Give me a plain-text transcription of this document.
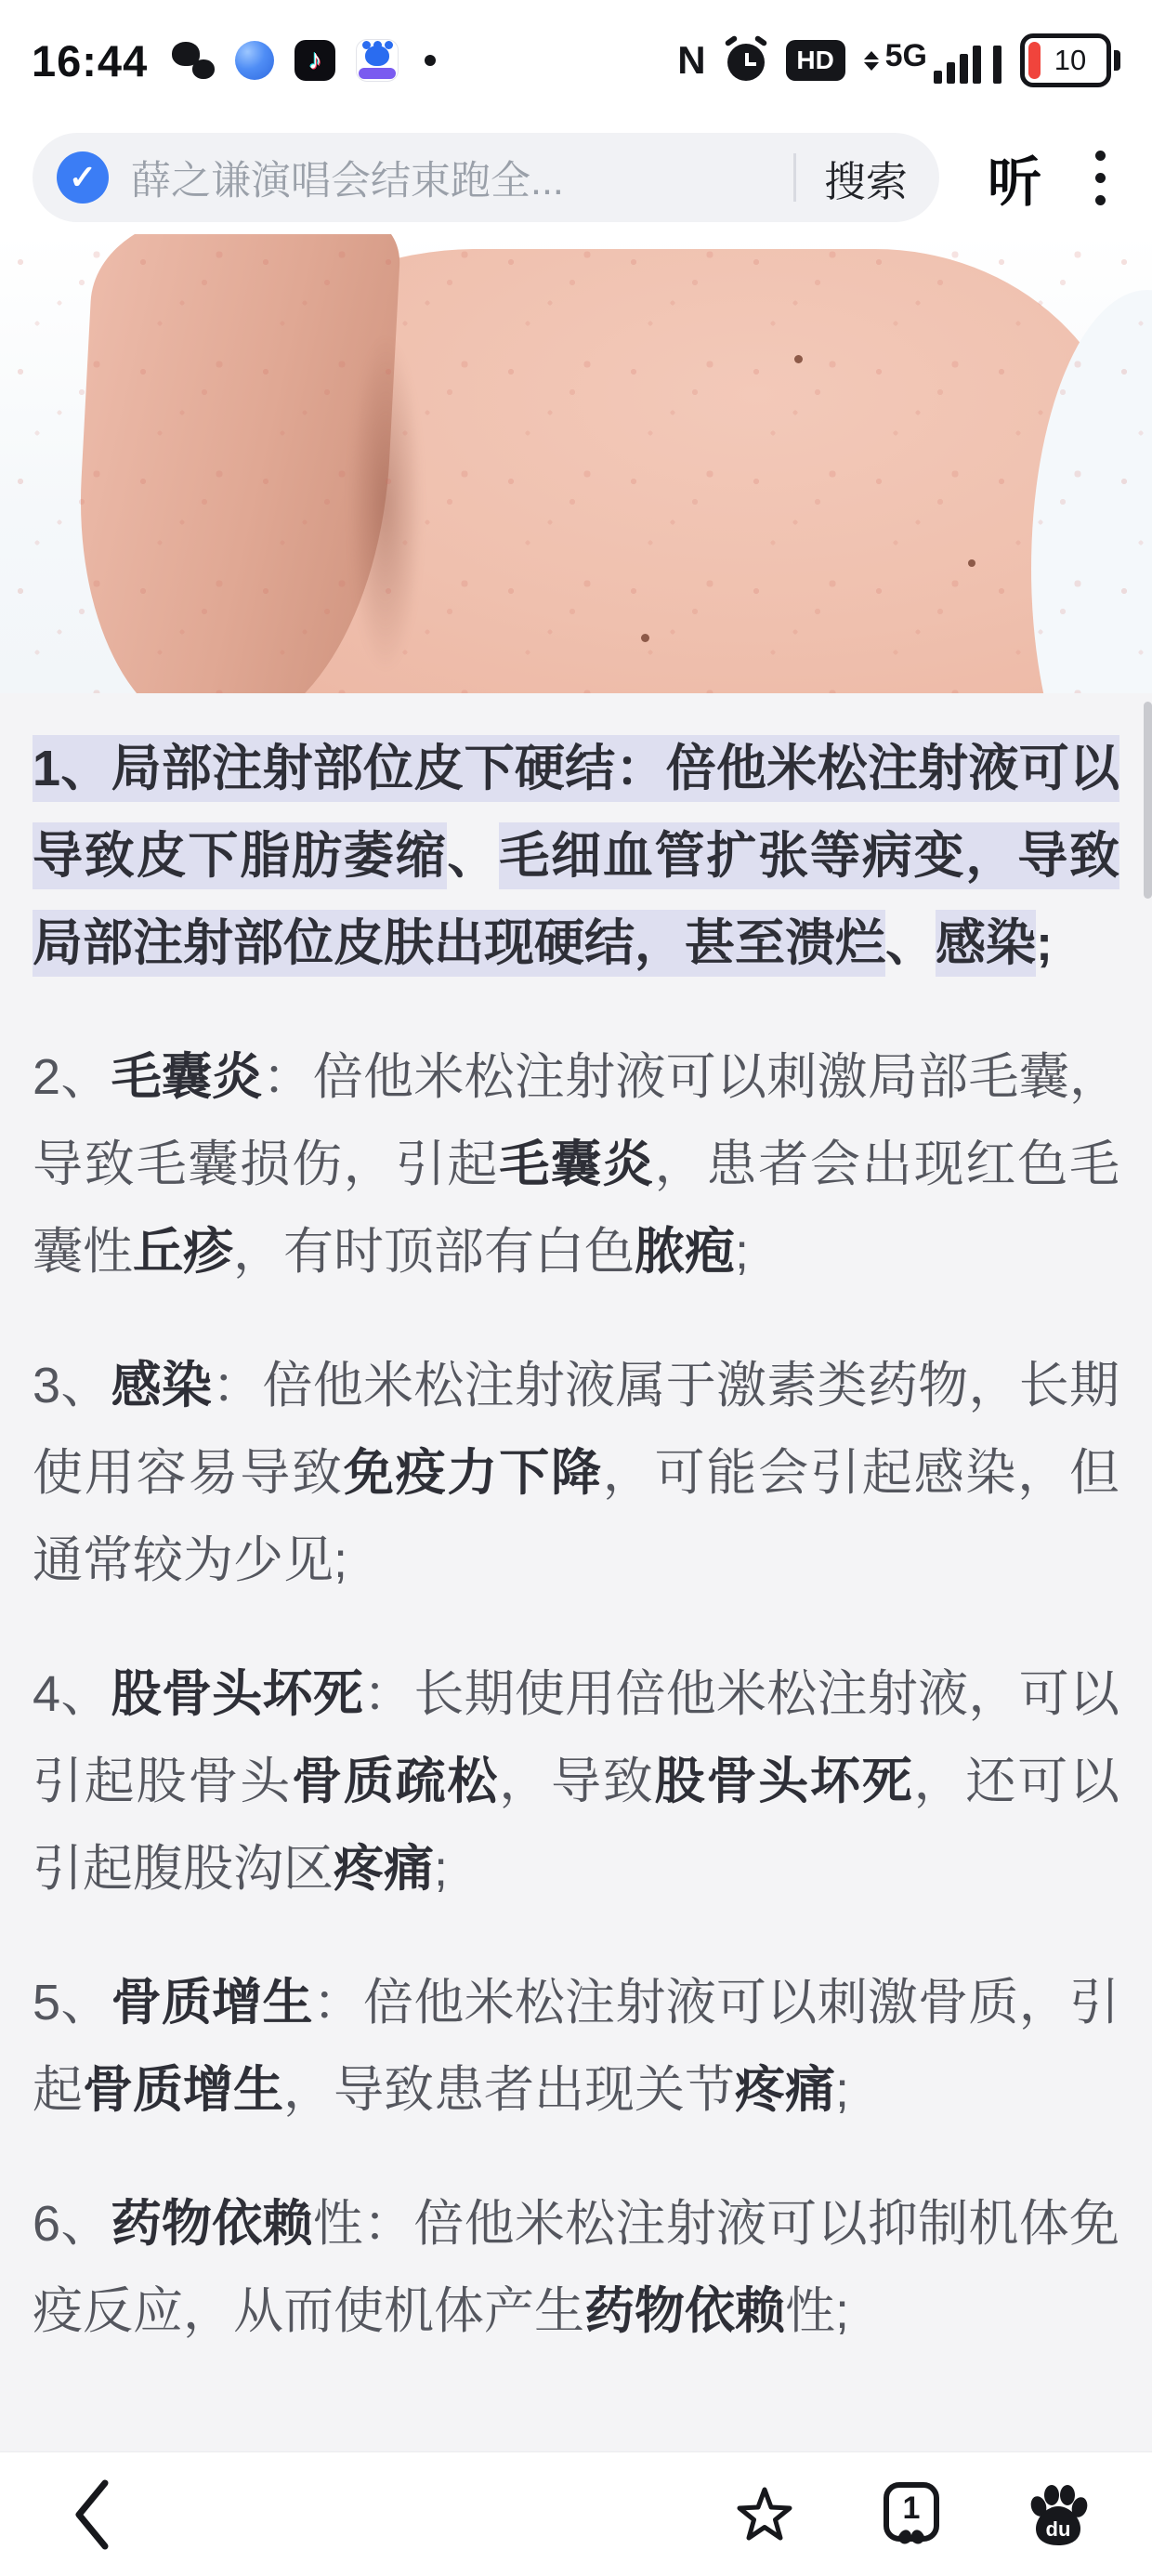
16:44	♪	N	HD	5G	10
✓ 薛之谦演唱会结束跑全...	搜索 听

1、局部注射部位皮下硬结：倍他米松注射液可以导致皮下脂肪萎缩、毛细血管扩张等病变，导致局部注射部位皮肤出现硬结，甚至溃烂、感染;

2、毛囊炎：倍他米松注射液可以刺激局部毛囊，导致毛囊损伤，引起毛囊炎，患者会出现红色毛囊性丘疹，有时顶部有白色脓疱;

3、感染：倍他米松注射液属于激素类药物，长期使用容易导致免疫力下降，可能会引起感染，但通常较为少见;

4、股骨头坏死：长期使用倍他米松注射液，可以引起股骨头骨质疏松，导致股骨头坏死，还可以引起腹股沟区疼痛;

5、骨质增生：倍他米松注射液可以刺激骨质，引起骨质增生，导致患者出现关节疼痛;

6、药物依赖性：倍他米松注射液可以抑制机体免疫反应，从而使机体产生药物依赖性;

1
du
